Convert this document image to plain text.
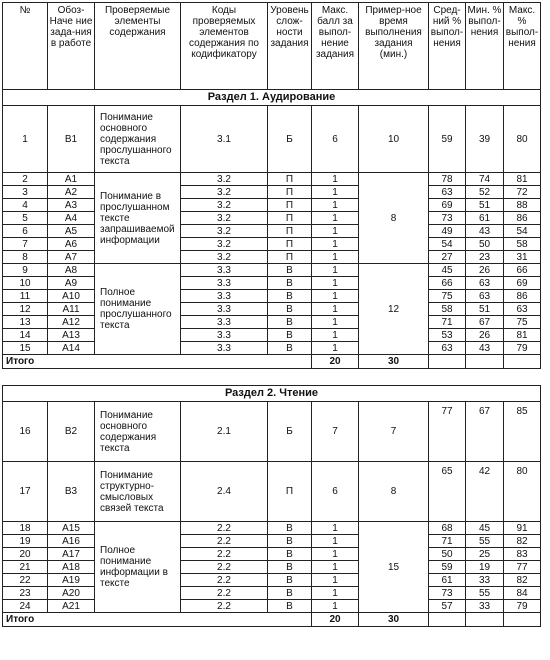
№	Обоз-Наче ние зада-ния в работе	Проверяемые элементы содержания	Коды проверяемых элементов содержания по кодификатору	Уровень слож-ности задания	Макс. балл за выпол-нение задания	Пример-ное время выполнения задания (мин.)	Сред-ний % выпол-нения	Мин. % выпол-нения	Макс. % выпол-нения
Раздел 1. Аудирование									
1	B1	Понимание основного содержания прослушанного текста	3.1	Б	6	10	59	39	80
2	A1	Понимание в прослушанном тексте запрашиваемой информации	3.2	П	1	8	78	74	81
3	A2		3.2	П	1		63	52	72
4	A3		3.2	П	1		69	51	88
5	A4		3.2	П	1		73	61	86
6	A5		3.2	П	1		49	43	54
7	A6		3.2	П	1		54	50	58
8	A7		3.2	П	1		27	23	31
9	A8	Полное понимание прослушанного текста	3.3	В	1	12	45	26	66
10	A9		3.3	В	1		66	63	69
11	A10		3.3	В	1		75	63	86
12	A11		3.3	В	1		58	51	63
13	A12		3.3	В	1		71	67	75
14	A13		3.3	В	1		53	26	81
15	A14		3.3	В	1		63	43	79
Итого					20	30			

Раздел 2. Чтение									
16	B2	Понимание основного содержания текста	2.1	Б	7	7	77	67	85
17	B3	Понимание структурно-смысловых связей текста	2.4	П	6	8	65	42	80
18	A15	Полное понимание информации в тексте	2.2	В	1	15	68	45	91
19	A16		2.2	В	1		71	55	82
20	A17		2.2	В	1		50	25	83
21	A18		2.2	В	1		59	19	77
22	A19		2.2	В	1		61	33	82
23	A20		2.2	В	1		73	55	84
24	A21		2.2	В	1		57	33	79
Итого					20	30			
